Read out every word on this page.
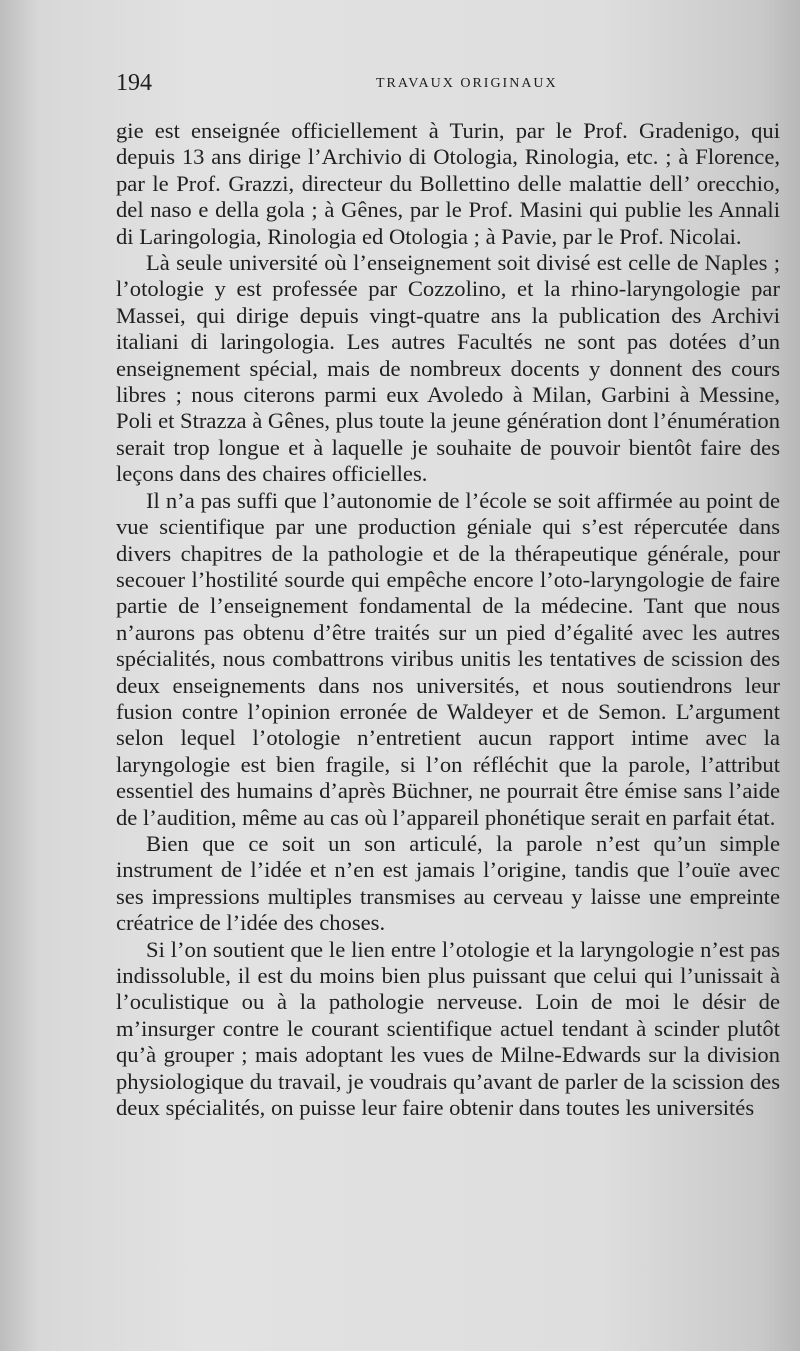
194	TRAVAUX ORIGINAUX

gie est enseignée officiellement à Turin, par le Prof. Gradenigo, qui depuis 13 ans dirige l’Archivio di Otologia, Rinologia, etc. ; à Florence, par le Prof. Grazzi, directeur du Bollettino delle malattie dell’ orecchio, del naso e della gola ; à Gênes, par le Prof. Masini qui publie les Annali di Laringologia, Rinologia ed Otologia ; à Pavie, par le Prof. Nicolai.

Là seule université où l’enseignement soit divisé est celle de Naples ; l’otologie y est professée par Cozzolino, et la rhino-laryngologie par Massei, qui dirige depuis vingt-quatre ans la publication des Archivi italiani di laringologia. Les autres Facultés ne sont pas dotées d’un enseignement spécial, mais de nombreux docents y donnent des cours libres ; nous citerons parmi eux Avoledo à Milan, Garbini à Messine, Poli et Strazza à Gênes, plus toute la jeune génération dont l’énumération serait trop longue et à laquelle je souhaite de pouvoir bientôt faire des leçons dans des chaires officielles.

Il n’a pas suffi que l’autonomie de l’école se soit affirmée au point de vue scientifique par une production géniale qui s’est répercutée dans divers chapitres de la pathologie et de la thérapeutique générale, pour secouer l’hostilité sourde qui empêche encore l’oto-laryngologie de faire partie de l’enseignement fondamental de la médecine. Tant que nous n’aurons pas obtenu d’être traités sur un pied d’égalité avec les autres spécialités, nous combattrons viribus unitis les tentatives de scission des deux enseignements dans nos universités, et nous soutiendrons leur fusion contre l’opinion erronée de Waldeyer et de Semon. L’argument selon lequel l’otologie n’entretient aucun rapport intime avec la laryngologie est bien fragile, si l’on réfléchit que la parole, l’attribut essentiel des humains d’après Büchner, ne pourrait être émise sans l’aide de l’audition, même au cas où l’appareil phonétique serait en parfait état.

Bien que ce soit un son articulé, la parole n’est qu’un simple instrument de l’idée et n’en est jamais l’origine, tandis que l’ouïe avec ses impressions multiples transmises au cerveau y laisse une empreinte créatrice de l’idée des choses.

Si l’on soutient que le lien entre l’otologie et la laryngologie n’est pas indissoluble, il est du moins bien plus puissant que celui qui l’unissait à l’oculistique ou à la pathologie nerveuse. Loin de moi le désir de m’insurger contre le courant scientifique actuel tendant à scinder plutôt qu’à grouper ; mais adoptant les vues de Milne-Edwards sur la division physiologique du travail, je voudrais qu’avant de parler de la scission des deux spécialités, on puisse leur faire obtenir dans toutes les universités
